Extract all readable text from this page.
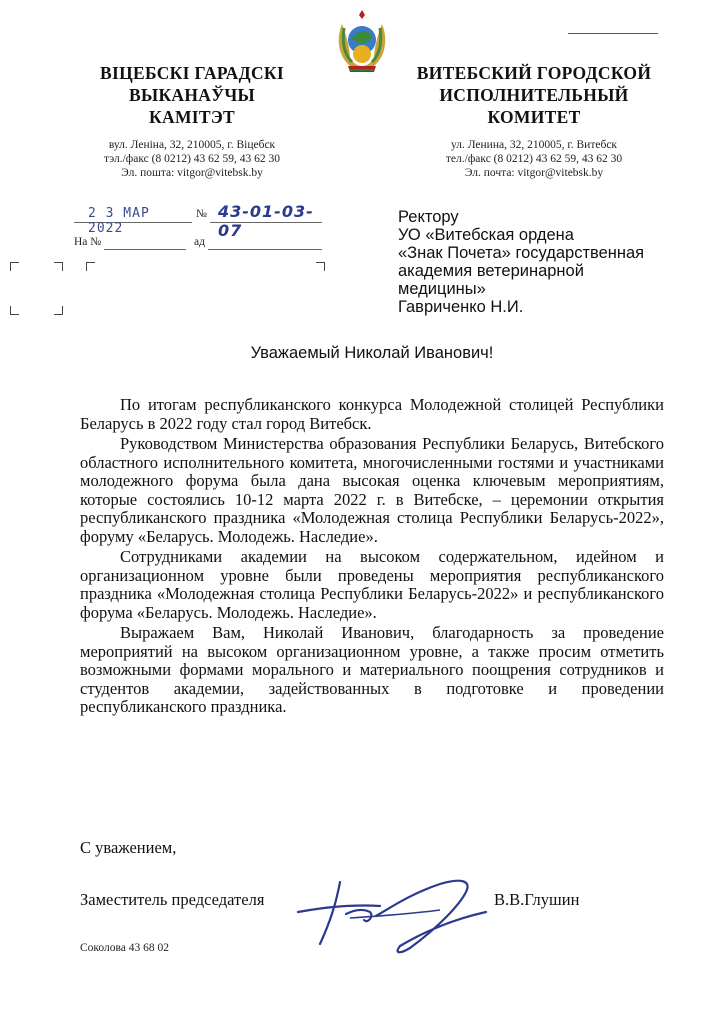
ВІЦЕБСКІ ГАРАДСКІ
ВЫКАНАЎЧЫ
КАМІТЭТ
вул. Леніна, 32, 210005, г. Віцебск
тэл./факс (8 0212) 43 62 59, 43 62 30
Эл. пошта: vitgor@vitebsk.by
ВИТЕБСКИЙ ГОРОДСКОЙ
ИСПОЛНИТЕЛЬНЫЙ
КОМИТЕТ
ул. Ленина, 32, 210005, г. Витебск
тел./факс (8 0212) 43 62 59, 43 62 30
Эл. почта: vitgor@vitebsk.by
2 3 МАР 2022
№ 43-01-03-07
На №	ад
Ректору
УО «Витебская ордена
«Знак Почета» государственная
академия ветеринарной
медицины»
Гавриченко Н.И.
Уважаемый Николай Иванович!

По итогам республиканского конкурса Молодежной столицей Республики Беларусь в 2022 году стал город Витебск.

Руководством Министерства образования Республики Беларусь, Витебского областного исполнительного комитета, многочисленными гостями и участниками молодежного форума была дана высокая оценка ключевым мероприятиям, которые состоялись 10-12 марта 2022 г. в Витебске, – церемонии открытия республиканского праздника «Молодежная столица Республики Беларусь-2022», форуму «Беларусь. Молодежь. Наследие».

Сотрудниками академии на высоком содержательном, идейном и организационном уровне были проведены мероприятия республиканского праздника «Молодежная столица Республики Беларусь-2022» и республиканского форума «Беларусь. Молодежь. Наследие».

Выражаем Вам, Николай Иванович, благодарность за проведение мероприятий на высоком организационном уровне, а также просим отметить возможными формами морального и материального поощрения сотрудников и студентов академии, задействованных в подготовке и проведении республиканского праздника.

С уважением,
Заместитель председателя	В.В.Глушин
Соколова 43 68 02
